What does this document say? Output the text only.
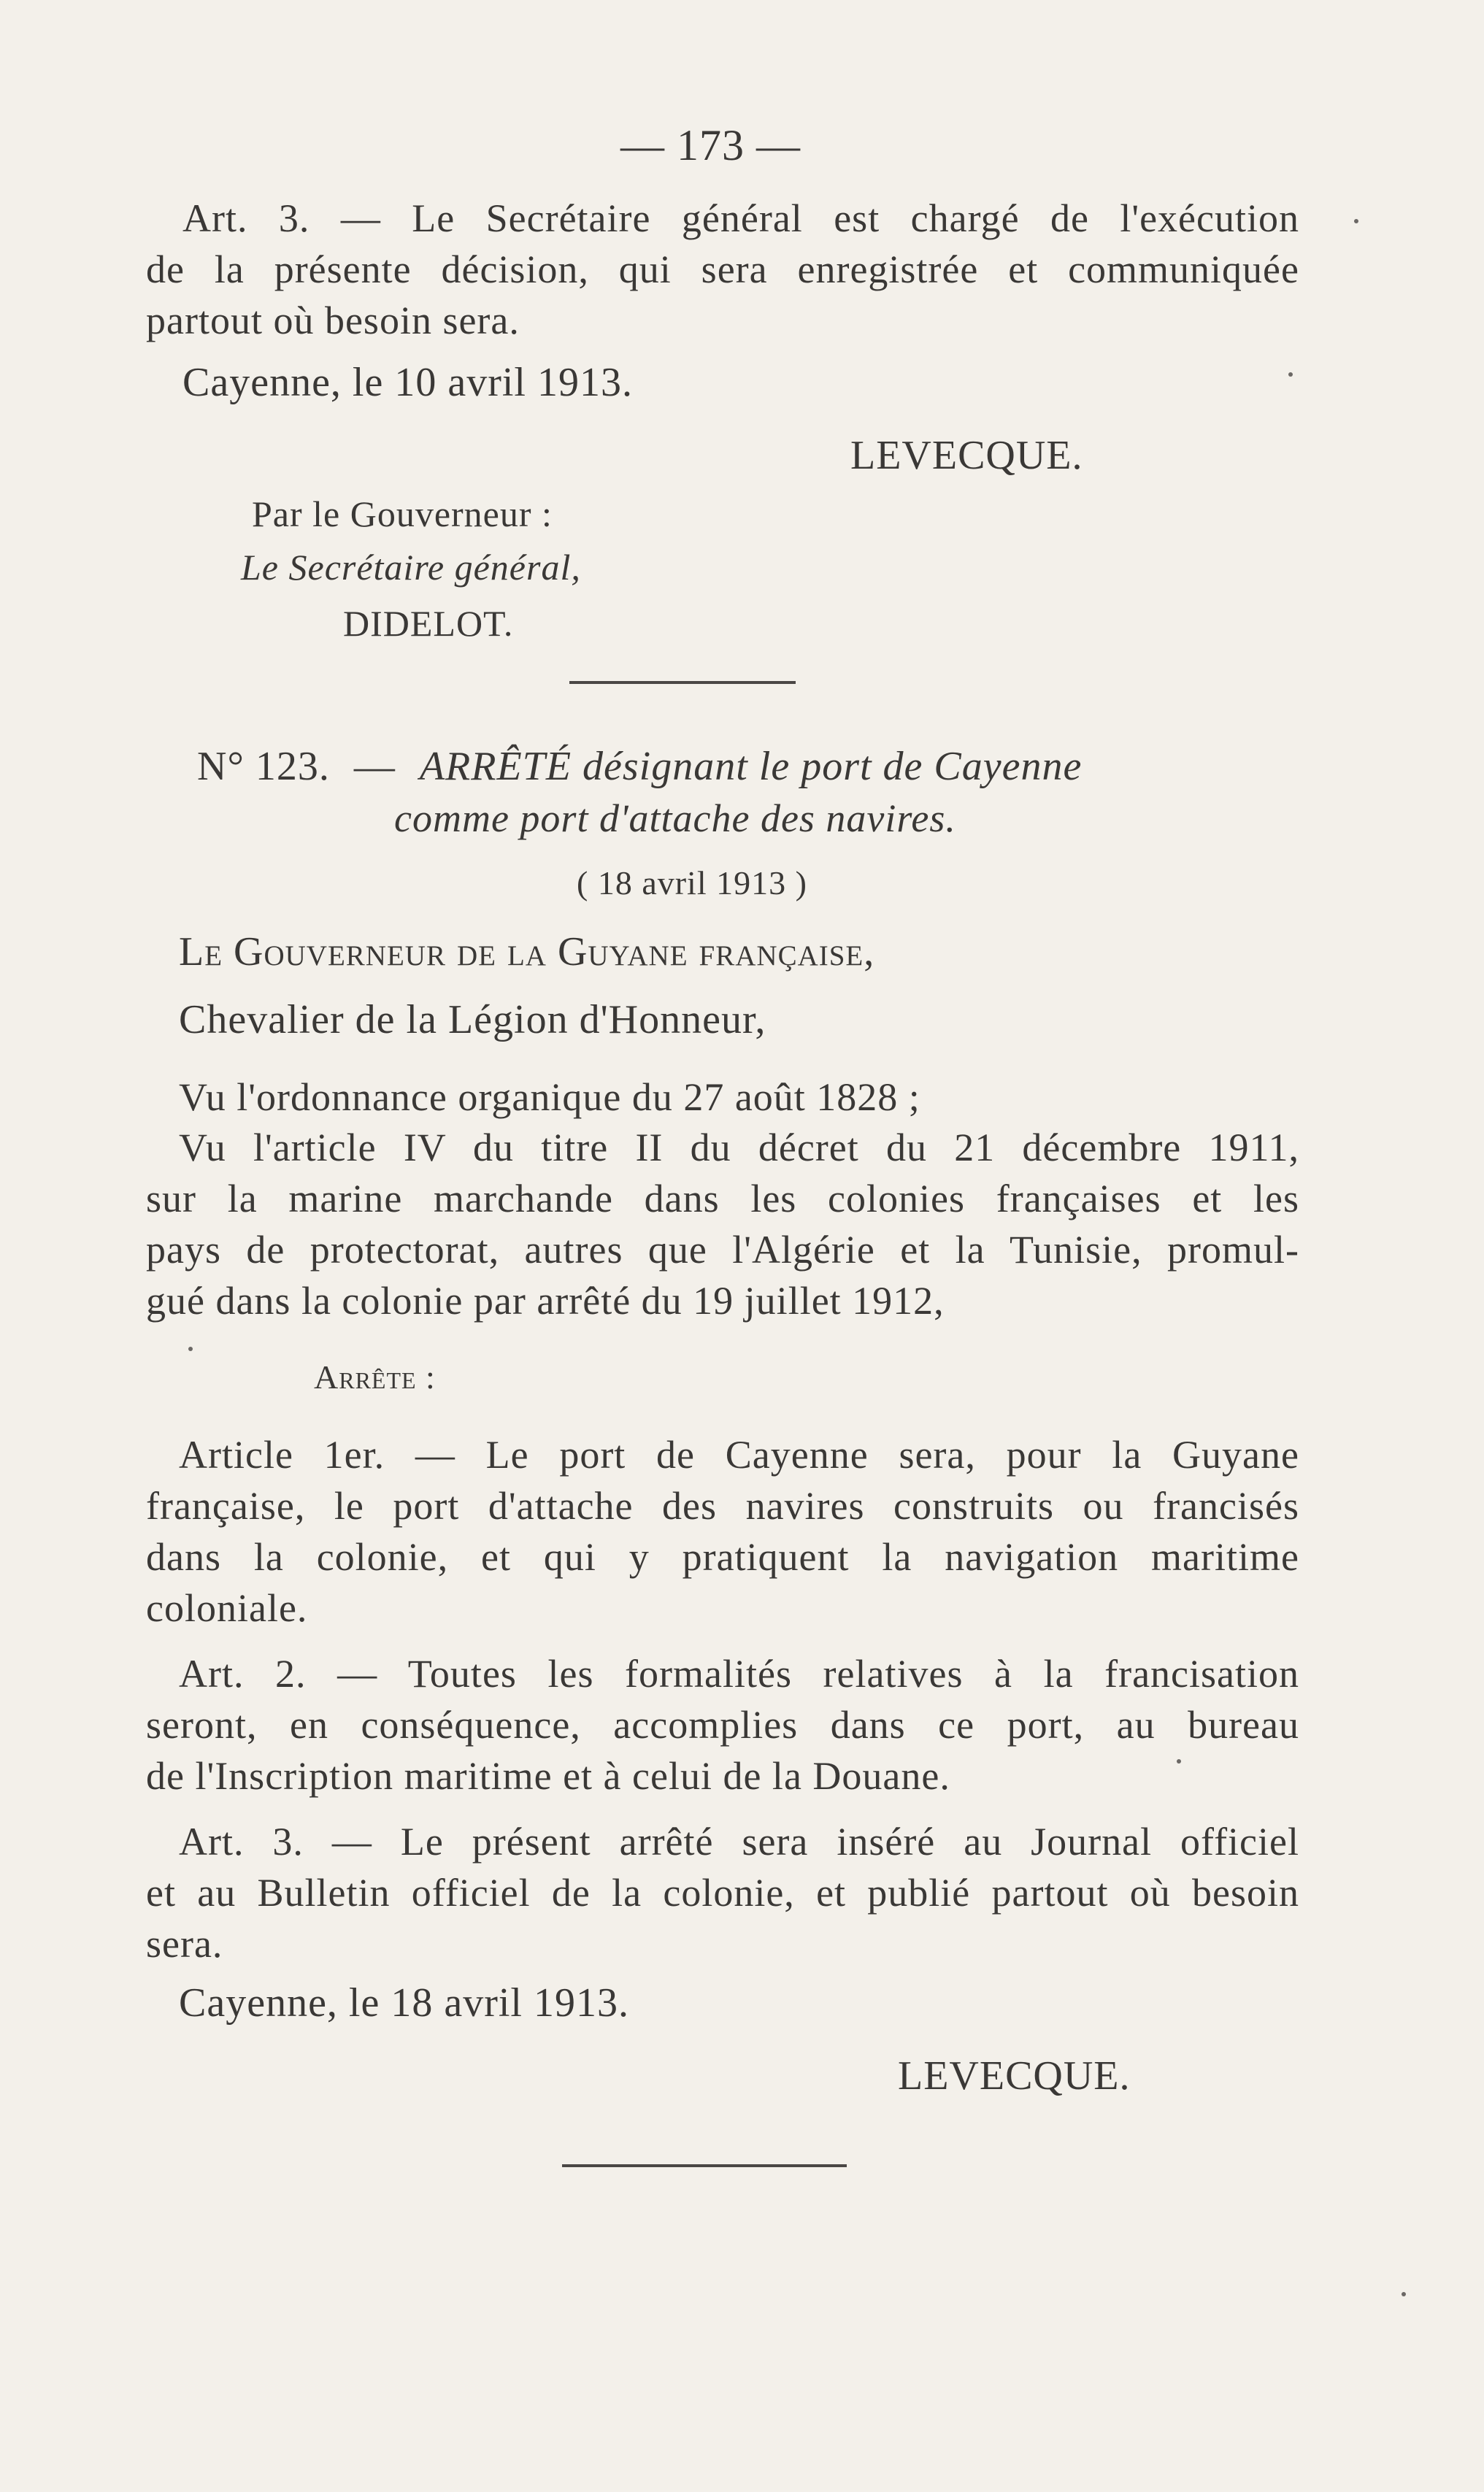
— 173 —
Art. 3. — Le Secrétaire général est chargé de l'exécution
de la présente décision, qui sera enregistrée et communiquée
partout où besoin sera.
Cayenne, le 10 avril 1913.
LEVECQUE.
Par le Gouverneur :
Le Secrétaire général,
DIDELOT.
N° 123. — ARRÊTÉ désignant le port de Cayenne
comme port d'attache des navires.
( 18 avril 1913 )
Le Gouverneur de la Guyane française,
Chevalier de la Légion d'Honneur,
Vu l'ordonnance organique du 27 août 1828 ;
Vu l'article IV du titre II du décret du 21 décembre 1911,
sur la marine marchande dans les colonies françaises et les
pays de protectorat, autres que l'Algérie et la Tunisie, promul-
gué dans la colonie par arrêté du 19 juillet 1912,
Arrête :
Article 1er. — Le port de Cayenne sera, pour la Guyane
française, le port d'attache des navires construits ou francisés
dans la colonie, et qui y pratiquent la navigation maritime
coloniale.
Art. 2. — Toutes les formalités relatives à la francisation
seront, en conséquence, accomplies dans ce port, au bureau
de l'Inscription maritime et à celui de la Douane.
Art. 3. — Le présent arrêté sera inséré au Journal officiel
et au Bulletin officiel de la colonie, et publié partout où besoin
sera.
Cayenne, le 18 avril 1913.
LEVECQUE.
